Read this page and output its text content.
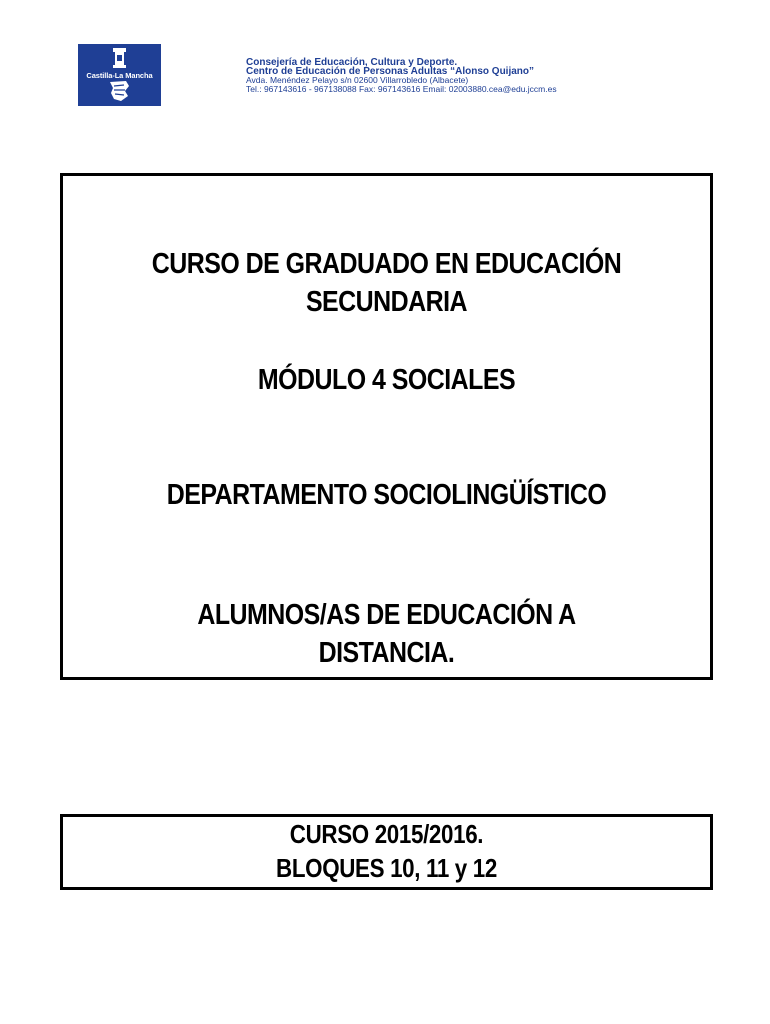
Castilla-La Mancha
Consejería de Educación, Cultura y Deporte.
Centro de Educación de Personas Adultas “Alonso Quijano”
Avda. Menéndez Pelayo s/n 02600 Villarrobledo (Albacete)
Tel.: 967143616 - 967138088 Fax: 967143616 Email: 02003880.cea@edu.jccm.es
CURSO DE GRADUADO EN EDUCACIÓN
SECUNDARIA
MÓDULO 4 SOCIALES
DEPARTAMENTO SOCIOLINGÜÍSTICO
ALUMNOS/AS DE EDUCACIÓN A
DISTANCIA.
CURSO 2015/2016.
BLOQUES 10, 11 y 12
